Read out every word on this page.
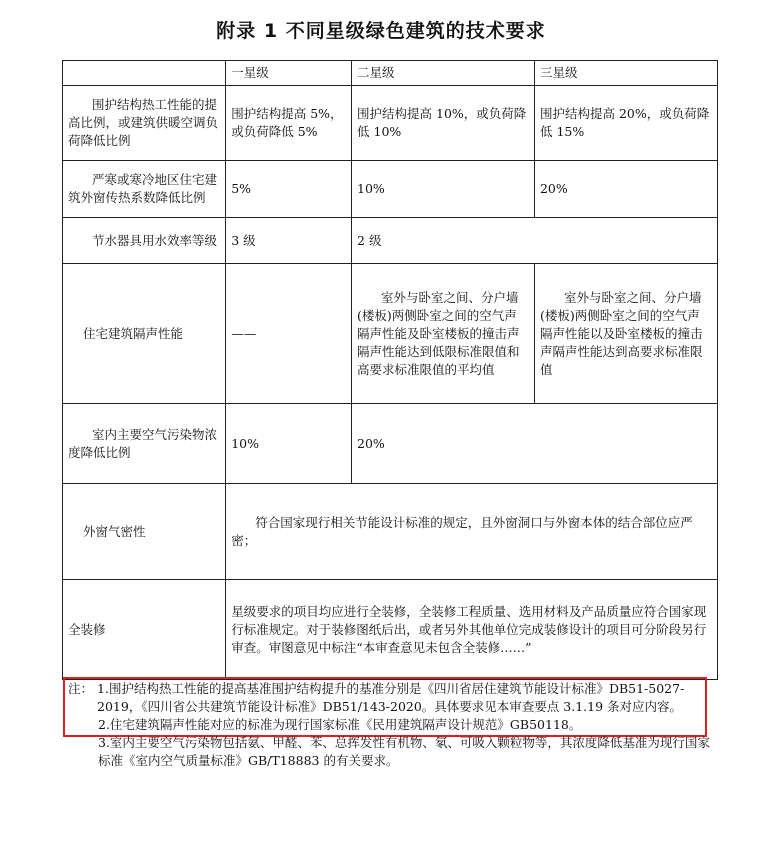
附录 1 不同星级绿色建筑的技术要求
	一星级	二星级	三星级
围护结构热工性能的提高比例，或建筑供暖空调负荷降低比例	围护结构提高 5%，或负荷降低 5%	围护结构提高 10%，或负荷降低 10%	围护结构提高 20%，或负荷降低 15%
严寒或寒冷地区住宅建筑外窗传热系数降低比例	5%	10%	20%
节水器具用水效率等级	3 级	2 级	
住宅建筑隔声性能	——	室外与卧室之间、分户墙(楼板)两侧卧室之间的空气声隔声性能及卧室楼板的撞击声隔声性能达到低限标准限值和高要求标准限值的平均值	室外与卧室之间、分户墙(楼板)两侧卧室之间的空气声隔声性能以及卧室楼板的撞击声隔声性能达到高要求标准限值
室内主要空气污染物浓度降低比例	10%	20%	
外窗气密性	符合国家现行相关节能设计标准的规定，且外窗洞口与外窗本体的结合部位应严密；		
全装修	星级要求的项目均应进行全装修，全装修工程质量、选用材料及产品质量应符合国家现行标准规定。对于装修图纸后出，或者另外其他单位完成装修设计的项目可分阶段另行审查。审图意见中标注“本审查意见未包含全装修……”		
注： 1.围护结构热工性能的提高基准围护结构提升的基准分别是《四川省居住建筑节能设计标准》DB51-5027-2019，《四川省公共建筑节能设计标准》DB51/143-2020。具体要求见本审查要点 3.1.19 条对应内容。
2.住宅建筑隔声性能对应的标准为现行国家标准《民用建筑隔声设计规范》GB50118。
3.室内主要空气污染物包括氨、甲醛、苯、总挥发性有机物、氡、可吸入颗粒物等，其浓度降低基准为现行国家标准《室内空气质量标准》GB/T18883 的有关要求。
